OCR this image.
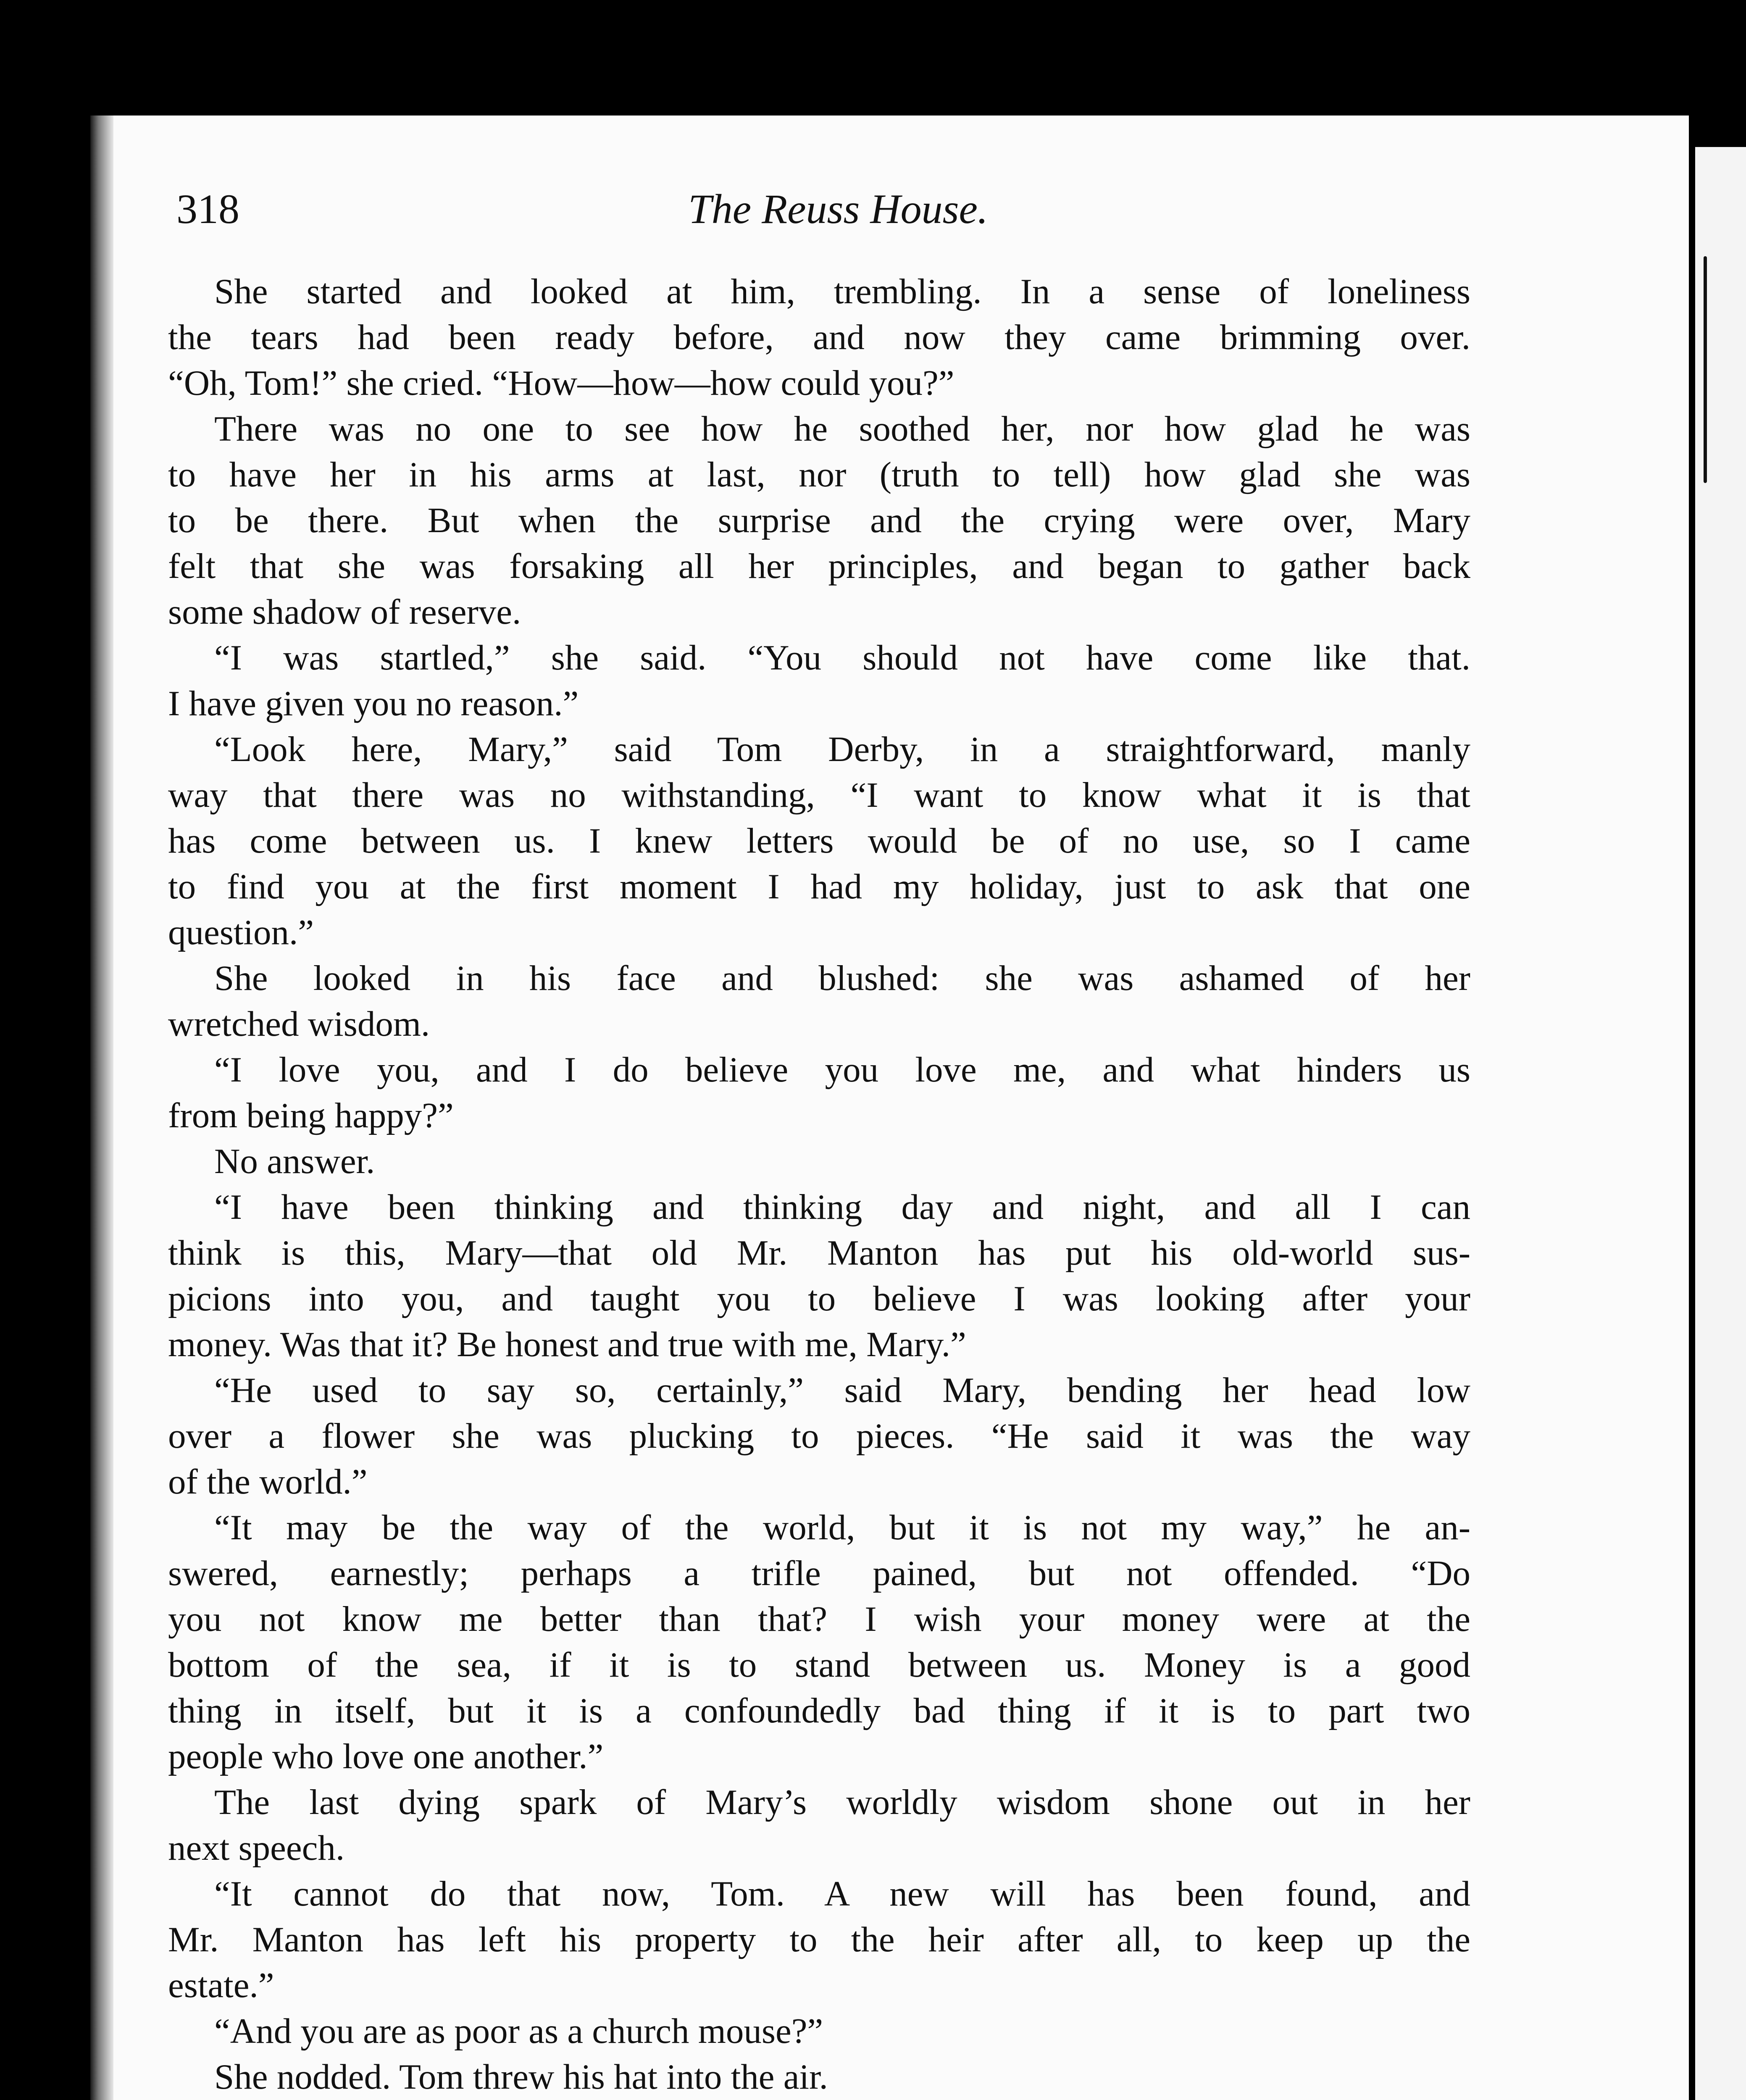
318	The Reuss House.
She started and looked at him, trembling. In a sense of loneliness
the tears had been ready before, and now they came brimming over.
“Oh, Tom!” she cried. “How—how—how could you?”
There was no one to see how he soothed her, nor how glad he was
to have her in his arms at last, nor (truth to tell) how glad she was
to be there. But when the surprise and the crying were over, Mary
felt that she was forsaking all her principles, and began to gather back
some shadow of reserve.
“I was startled,” she said. “You should not have come like that.
I have given you no reason.”
“Look here, Mary,” said Tom Derby, in a straightforward, manly
way that there was no withstanding, “I want to know what it is that
has come between us. I knew letters would be of no use, so I came
to find you at the first moment I had my holiday, just to ask that one
question.”
She looked in his face and blushed: she was ashamed of her
wretched wisdom.
“I love you, and I do believe you love me, and what hinders us
from being happy?”
No answer.
“I have been thinking and thinking day and night, and all I can
think is this, Mary—that old Mr. Manton has put his old-world sus-
picions into you, and taught you to believe I was looking after your
money. Was that it? Be honest and true with me, Mary.”
“He used to say so, certainly,” said Mary, bending her head low
over a flower she was plucking to pieces. “He said it was the way
of the world.”
“It may be the way of the world, but it is not my way,” he an-
swered, earnestly; perhaps a trifle pained, but not offended. “Do
you not know me better than that? I wish your money were at the
bottom of the sea, if it is to stand between us. Money is a good
thing in itself, but it is a confoundedly bad thing if it is to part two
people who love one another.”
The last dying spark of Mary’s worldly wisdom shone out in her
next speech.
“It cannot do that now, Tom. A new will has been found, and
Mr. Manton has left his property to the heir after all, to keep up the
estate.”
“And you are as poor as a church mouse?”
She nodded. Tom threw his hat into the air.
